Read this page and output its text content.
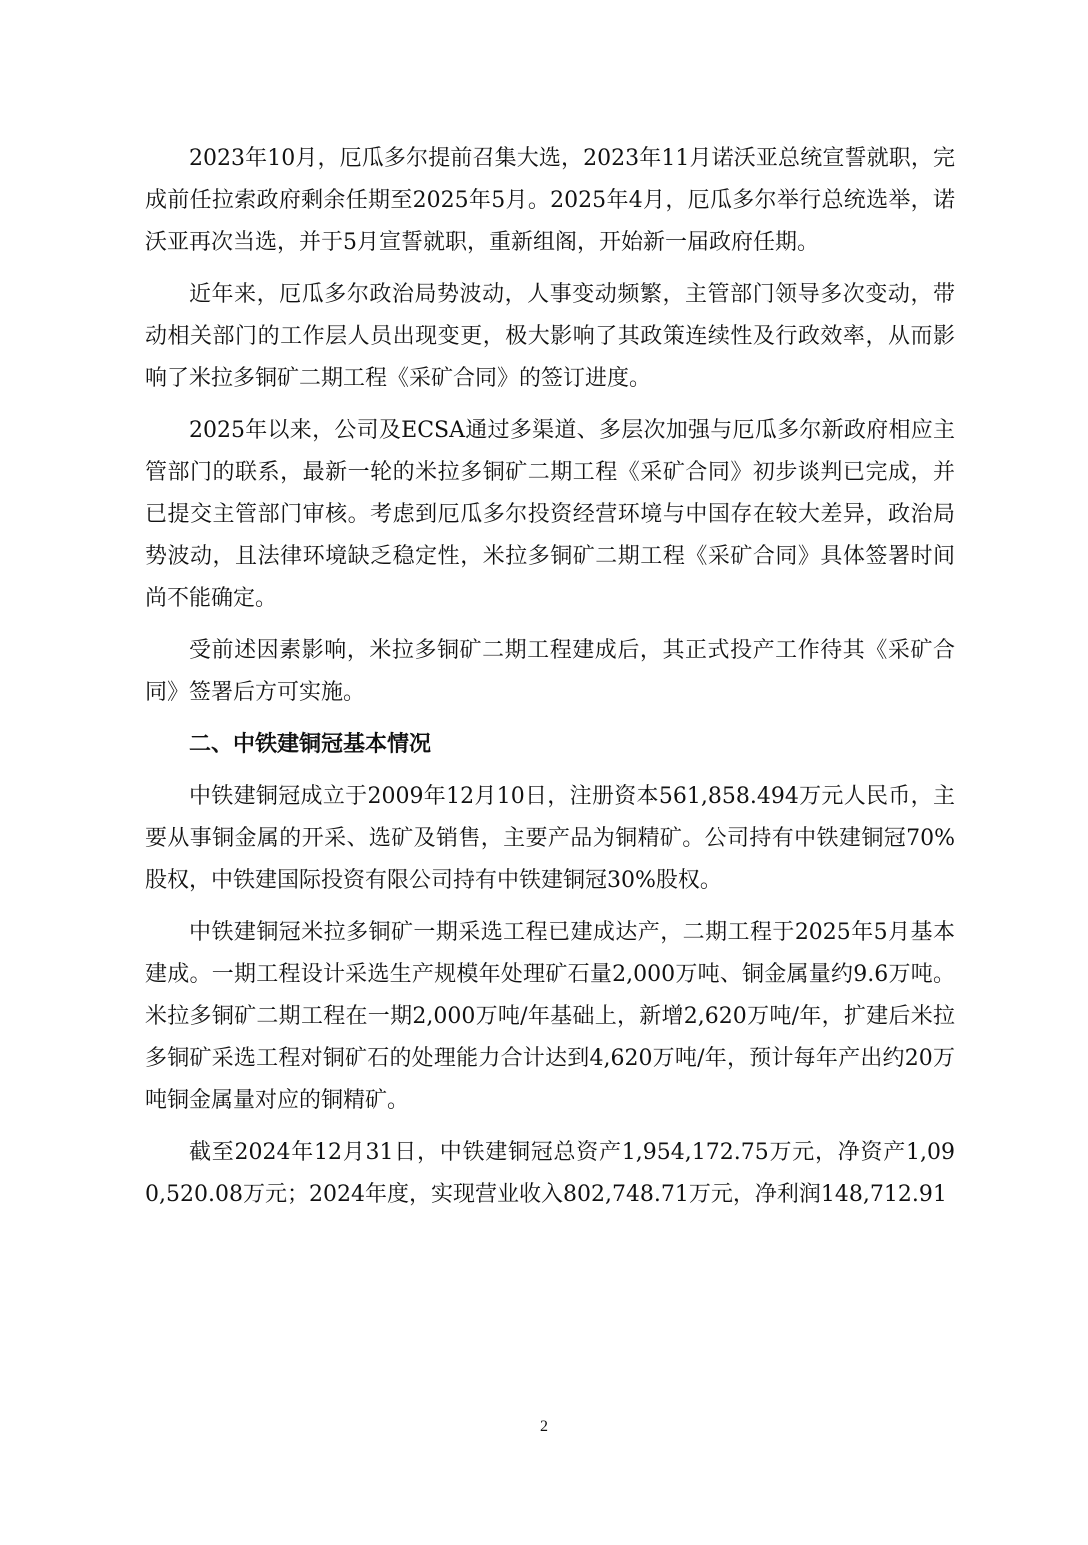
2023年10月，厄瓜多尔提前召集大选，2023年11月诺沃亚总统宣誓就职，完成前任拉索政府剩余任期至2025年5月。2025年4月，厄瓜多尔举行总统选举，诺沃亚再次当选，并于5月宣誓就职，重新组阁，开始新一届政府任期。

近年来，厄瓜多尔政治局势波动，人事变动频繁，主管部门领导多次变动，带动相关部门的工作层人员出现变更，极大影响了其政策连续性及行政效率，从而影响了米拉多铜矿二期工程《采矿合同》的签订进度。

2025年以来，公司及ECSA通过多渠道、多层次加强与厄瓜多尔新政府相应主管部门的联系，最新一轮的米拉多铜矿二期工程《采矿合同》初步谈判已完成，并已提交主管部门审核。考虑到厄瓜多尔投资经营环境与中国存在较大差异，政治局势波动，且法律环境缺乏稳定性，米拉多铜矿二期工程《采矿合同》具体签署时间尚不能确定。

受前述因素影响，米拉多铜矿二期工程建成后，其正式投产工作待其《采矿合同》签署后方可实施。

二、中铁建铜冠基本情况

中铁建铜冠成立于2009年12月10日，注册资本561,858.494万元人民币，主要从事铜金属的开采、选矿及销售，主要产品为铜精矿。公司持有中铁建铜冠70%股权，中铁建国际投资有限公司持有中铁建铜冠30%股权。

中铁建铜冠米拉多铜矿一期采选工程已建成达产，二期工程于2025年5月基本建成。一期工程设计采选生产规模年处理矿石量2,000万吨、铜金属量约9.6万吨。米拉多铜矿二期工程在一期2,000万吨/年基础上，新增2,620万吨/年，扩建后米拉多铜矿采选工程对铜矿石的处理能力合计达到4,620万吨/年，预计每年产出约20万吨铜金属量对应的铜精矿。

截至2024年12月31日，中铁建铜冠总资产1,954,172.75万元，净资产1,090,520.08万元；2024年度，实现营业收入802,748.71万元，净利润148,712.91

2
